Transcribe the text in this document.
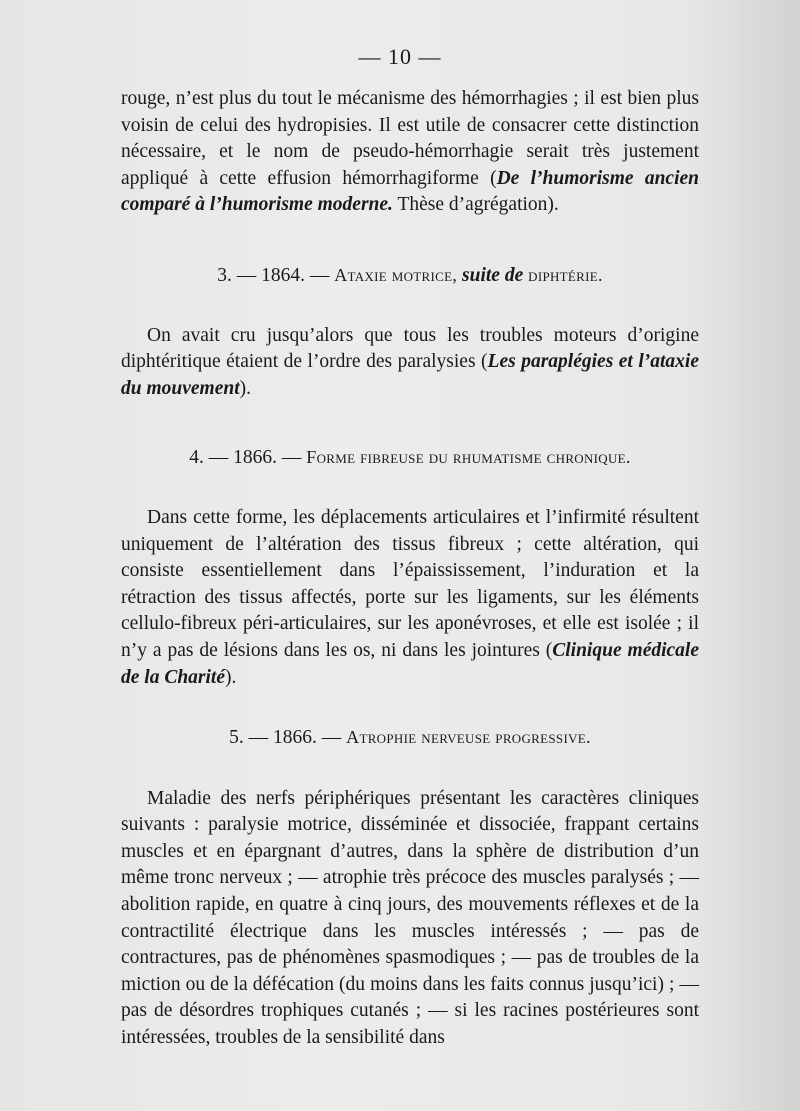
— 10 —

rouge, n’est plus du tout le mécanisme des hémorrhagies ; il est bien plus voisin de celui des hydropisies. Il est utile de consacrer cette distinction nécessaire, et le nom de pseudo-hémorrhagie serait très justement appliqué à cette effusion hémorrhagiforme (De l’humorisme ancien comparé à l’humorisme moderne. Thèse d’agrégation).

3. — 1864. — Ataxie motrice, suite de diphtérie.

On avait cru jusqu’alors que tous les troubles moteurs d’origine diphtéritique étaient de l’ordre des paralysies (Les paraplégies et l’ataxie du mouvement).

4. — 1866. — Forme fibreuse du rhumatisme chronique.

Dans cette forme, les déplacements articulaires et l’infirmité résultent uniquement de l’altération des tissus fibreux ; cette altération, qui consiste essentiellement dans l’épaississement, l’induration et la rétraction des tissus affectés, porte sur les ligaments, sur les éléments cellulo-fibreux péri-articulaires, sur les aponévroses, et elle est isolée ; il n’y a pas de lésions dans les os, ni dans les jointures (Clinique médicale de la Charité).

5. — 1866. — Atrophie nerveuse progressive.

Maladie des nerfs périphériques présentant les caractères cliniques suivants : paralysie motrice, disséminée et dissociée, frappant certains muscles et en épargnant d’autres, dans la sphère de distribution d’un même tronc nerveux ; — atrophie très précoce des muscles paralysés ; — abolition rapide, en quatre à cinq jours, des mouvements réflexes et de la contractilité électrique dans les muscles intéressés ; — pas de contractures, pas de phénomènes spasmodiques ; — pas de troubles de la miction ou de la défécation (du moins dans les faits connus jusqu’ici) ; — pas de désordres trophiques cutanés ; — si les racines postérieures sont intéressées, troubles de la sensibilité dans
